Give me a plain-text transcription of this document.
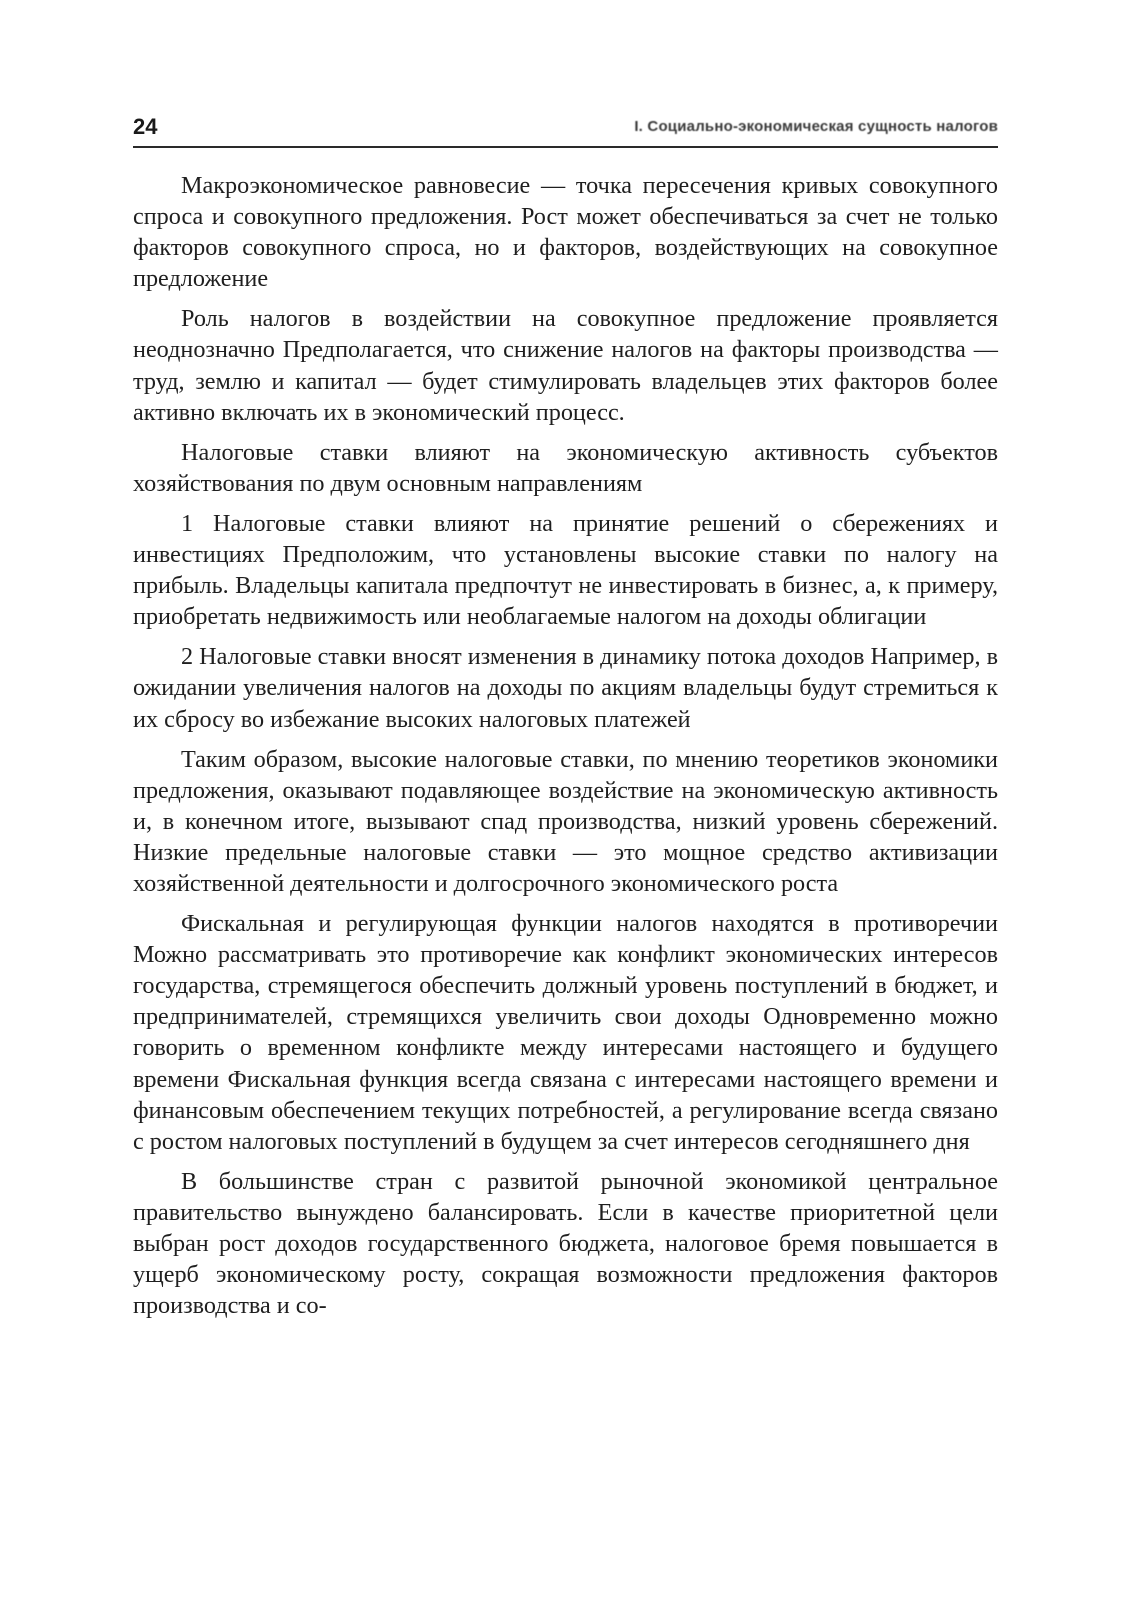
24	I. Социально-экономическая сущность налогов

Макроэкономическое равновесие — точка пересечения кривых совокупного спроса и совокупного предложения. Рост может обеспечиваться за счет не только факторов совокупного спроса, но и факторов, воздействующих на совокупное предложение

Роль налогов в воздействии на совокупное предложение проявляется неоднозначно Предполагается, что снижение налогов на факторы производства — труд, землю и капитал — будет стимулировать владельцев этих факторов более активно включать их в экономический процесс.

Налоговые ставки влияют на экономическую активность субъектов хозяйствования по двум основным направлениям

1 Налоговые ставки влияют на принятие решений о сбережениях и инвестициях Предположим, что установлены высокие ставки по налогу на прибыль. Владельцы капитала предпочтут не инвестировать в бизнес, а, к примеру, приобретать недвижимость или необлагаемые налогом на доходы облигации

2 Налоговые ставки вносят изменения в динамику потока доходов Например, в ожидании увеличения налогов на доходы по акциям владельцы будут стремиться к их сбросу во избежание высоких налоговых платежей

Таким образом, высокие налоговые ставки, по мнению теоретиков экономики предложения, оказывают подавляющее воздействие на экономическую активность и, в конечном итоге, вызывают спад производства, низкий уровень сбережений. Низкие предельные налоговые ставки — это мощное средство активизации хозяйственной деятельности и долгосрочного экономического роста

Фискальная и регулирующая функции налогов находятся в противоречии Можно рассматривать это противоречие как конфликт экономических интересов государства, стремящегося обеспечить должный уровень поступлений в бюджет, и предпринимателей, стремящихся увеличить свои доходы Одновременно можно говорить о временном конфликте между интересами настоящего и будущего времени Фискальная функция всегда связана с интересами настоящего времени и финансовым обеспечением текущих потребностей, а регулирование всегда связано с ростом налоговых поступлений в будущем за счет интересов сегодняшнего дня

В большинстве стран с развитой рыночной экономикой центральное правительство вынуждено балансировать. Если в качестве приоритетной цели выбран рост доходов государственного бюджета, налоговое бремя повышается в ущерб экономическому росту, сокращая возможности предложения факторов производства и со-
